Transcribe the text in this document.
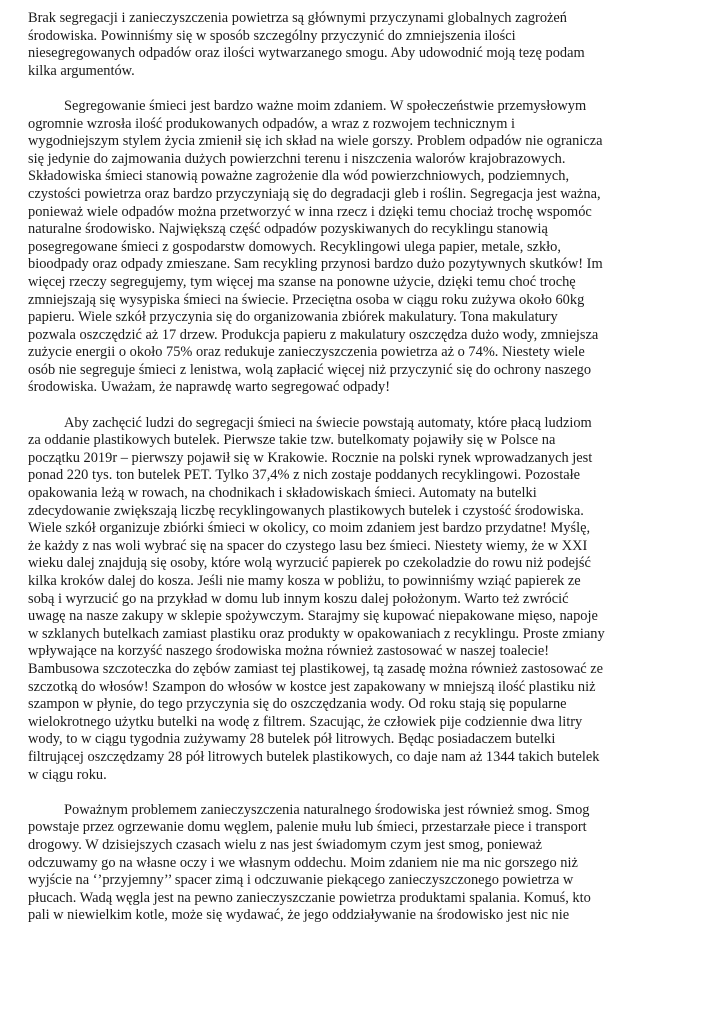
Brak segregacji i zanieczyszczenia powietrza są głównymi przyczynami globalnych zagrożeń
środowiska. Powinniśmy się w sposób szczególny przyczynić do zmniejszenia ilości
niesegregowanych odpadów oraz ilości wytwarzanego smogu. Aby udowodnić moją tezę podam
kilka argumentów.
Segregowanie śmieci jest bardzo ważne moim zdaniem. W społeczeństwie przemysłowym
ogromnie wzrosła ilość produkowanych odpadów, a wraz z rozwojem technicznym i
wygodniejszym stylem życia zmienił się ich skład na wiele gorszy. Problem odpadów nie ogranicza
się jedynie do zajmowania dużych powierzchni terenu i niszczenia walorów krajobrazowych.
Składowiska śmieci stanowią poważne zagrożenie dla wód powierzchniowych, podziemnych,
czystości powietrza oraz bardzo przyczyniają się do degradacji gleb i roślin. Segregacja jest ważna,
ponieważ wiele odpadów można przetworzyć w inna rzecz i dzięki temu chociaż trochę wspomóc
naturalne środowisko. Największą część odpadów pozyskiwanych do recyklingu stanowią
posegregowane śmieci z gospodarstw domowych. Recyklingowi ulega papier, metale, szkło,
bioodpady oraz odpady zmieszane. Sam recykling przynosi bardzo dużo pozytywnych skutków! Im
więcej rzeczy segregujemy, tym więcej ma szanse na ponowne użycie, dzięki temu choć trochę
zmniejszają się wysypiska śmieci na świecie. Przeciętna osoba w ciągu roku zużywa około 60kg
papieru. Wiele szkół przyczynia się do organizowania zbiórek makulatury. Tona makulatury
pozwala oszczędzić aż 17 drzew. Produkcja papieru z makulatury oszczędza dużo wody, zmniejsza
zużycie energii o około 75% oraz redukuje zanieczyszczenia powietrza aż o 74%. Niestety wiele
osób nie segreguje śmieci z lenistwa, wolą zapłacić więcej niż przyczynić się do ochrony naszego
środowiska. Uważam, że naprawdę warto segregować odpady!
Aby zachęcić ludzi do segregacji śmieci na świecie powstają automaty, które płacą ludziom
za oddanie plastikowych butelek. Pierwsze takie tzw. butelkomaty pojawiły się w Polsce na
początku 2019r – pierwszy pojawił się w Krakowie. Rocznie na polski rynek wprowadzanych jest
ponad 220 tys. ton butelek PET. Tylko 37,4% z nich zostaje poddanych recyklingowi. Pozostałe
opakowania leżą w rowach, na chodnikach i składowiskach śmieci. Automaty na butelki
zdecydowanie zwiększają liczbę recyklingowanych plastikowych butelek i czystość środowiska.
Wiele szkół organizuje zbiórki śmieci w okolicy, co moim zdaniem jest bardzo przydatne! Myślę,
że każdy z nas woli wybrać się na spacer do czystego lasu bez śmieci. Niestety wiemy, że w XXI
wieku dalej znajdują się osoby, które wolą wyrzucić papierek po czekoladzie do rowu niż podejść
kilka kroków dalej do kosza. Jeśli nie mamy kosza w pobliżu, to powinniśmy wziąć papierek ze
sobą i wyrzucić go na przykład w domu lub innym koszu dalej położonym. Warto też zwrócić
uwagę na nasze zakupy w sklepie spożywczym. Starajmy się kupować niepakowane mięso, napoje
w szklanych butelkach zamiast plastiku oraz produkty w opakowaniach z recyklingu. Proste zmiany
wpływające na korzyść naszego środowiska można również zastosować w naszej toalecie!
Bambusowa szczoteczka do zębów zamiast tej plastikowej, tą zasadę można również zastosować ze
szczotką do włosów! Szampon do włosów w kostce jest zapakowany w mniejszą ilość plastiku niż
szampon w płynie, do tego przyczynia się do oszczędzania wody. Od roku stają się popularne
wielokrotnego użytku butelki na wodę z filtrem. Szacując, że człowiek pije codziennie dwa litry
wody, to w ciągu tygodnia zużywamy 28 butelek pół litrowych. Będąc posiadaczem butelki
filtrującej oszczędzamy 28 pół litrowych butelek plastikowych, co daje nam aż 1344 takich butelek
w ciągu roku.
Poważnym problemem zanieczyszczenia naturalnego środowiska jest również smog. Smog
powstaje przez ogrzewanie domu węglem, palenie mułu lub śmieci, przestarzałe piece i transport
drogowy. W dzisiejszych czasach wielu z nas jest świadomym czym jest smog, ponieważ
odczuwamy go na własne oczy i we własnym oddechu. Moim zdaniem nie ma nic gorszego niż
wyjście na ‘’przyjemny’’ spacer zimą i odczuwanie piekącego zanieczyszczonego powietrza w
płucach. Wadą węgla jest na pewno zanieczyszczanie powietrza produktami spalania. Komuś, kto
pali w niewielkim kotle, może się wydawać, że jego oddziaływanie na środowisko jest nic nie
